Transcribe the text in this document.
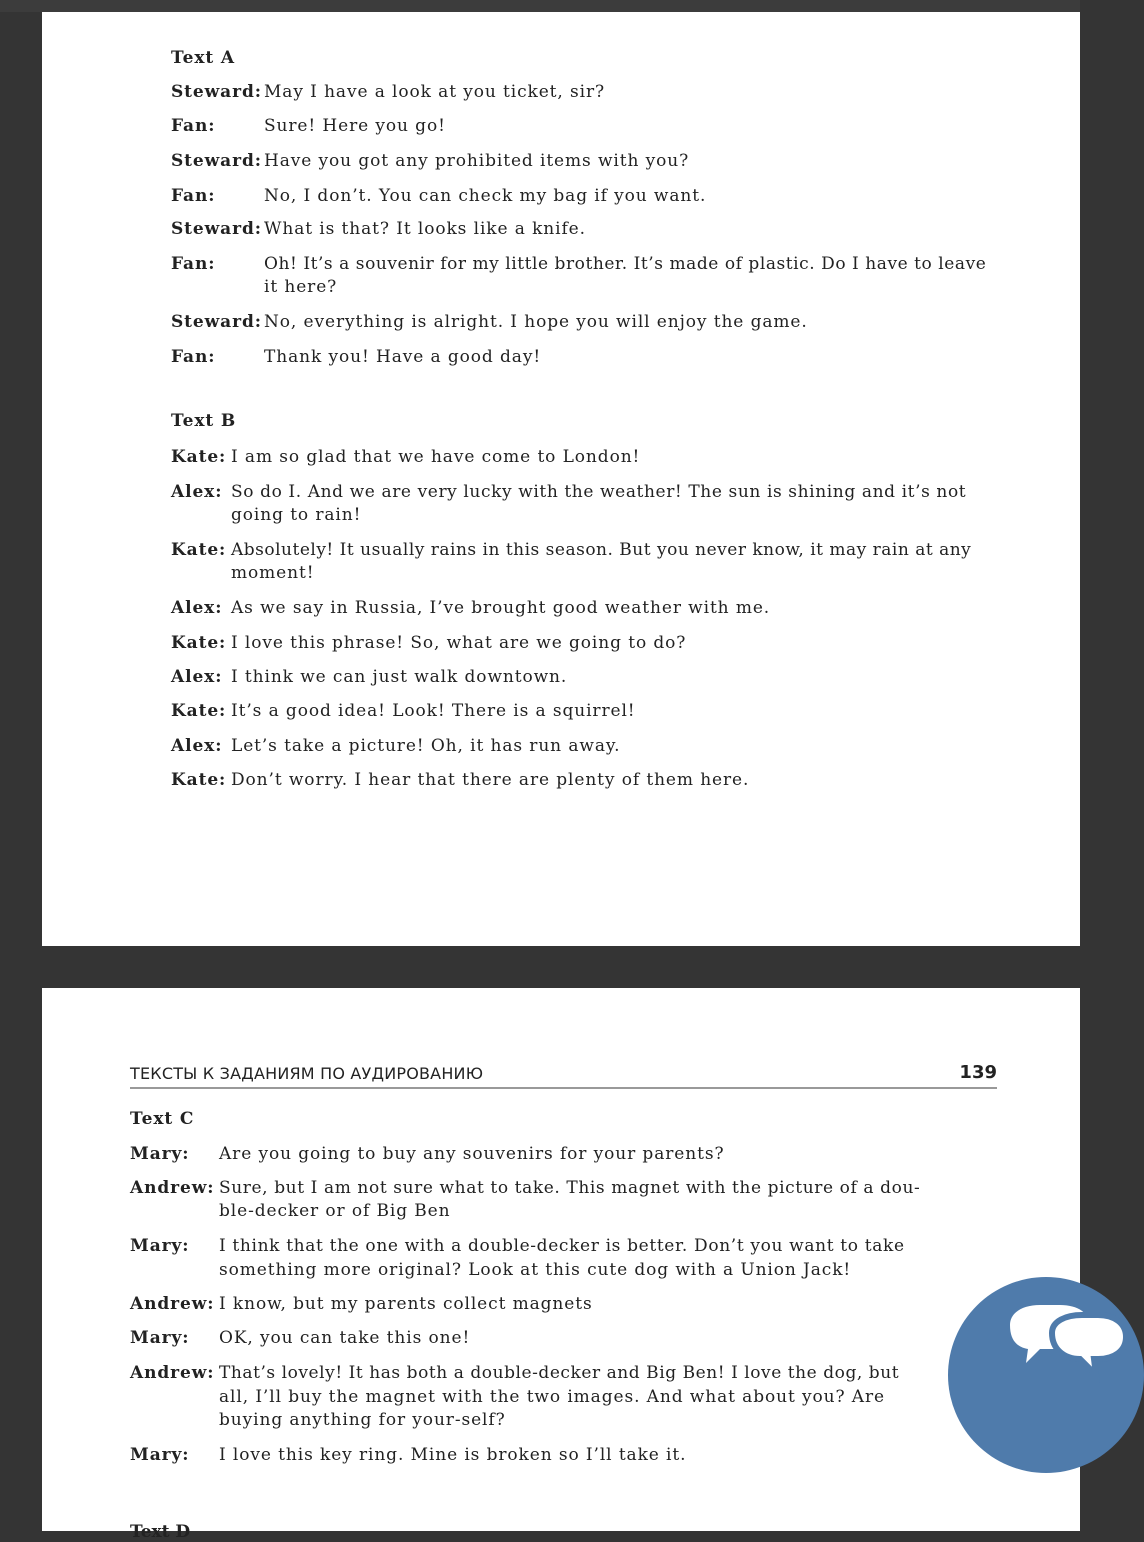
Text A
Steward: May I have a look at you ticket, sir?
Fan:	Sure! Here you go!
Steward: Have you got any prohibited items with you?
Fan:	No, I don’t. You can check my bag if you want.
Steward: What is that? It looks like a knife.
Fan:	Oh! It’s a souvenir for my little brother. It’s made of plastic. Do I have to leave
it here?
Steward: No, everything is alright. I hope you will enjoy the game.
Fan:	Thank you! Have a good day!
Text B
Kate: I am so glad that we have come to London!
Alex: So do I. And we are very lucky with the weather! The sun is shining and it’s not
going to rain!
Kate: Absolutely! It usually rains in this season. But you never know, it may rain at any
moment!
Alex: As we say in Russia, I’ve brought good weather with me.
Kate: I love this phrase! So, what are we going to do?
Alex: I think we can just walk downtown.
Kate: It’s a good idea! Look! There is a squirrel!
Alex: Let’s take a picture! Oh, it has run away.
Kate: Don’t worry. I hear that there are plenty of them here.
ТЕКСТЫ К ЗАДАНИЯМ ПО АУДИРОВАНИЮ	139
Text C
Mary: Are you going to buy any souvenirs for your parents?
Andrew: Sure, but I am not sure what to take. This magnet with the picture of a dou-
ble-decker or of Big Ben
Mary: I think that the one with a double-decker is better. Don’t you want to take
something more original? Look at this cute dog with a Union Jack!
Andrew: I know, but my parents collect magnets
Mary: OK, you can take this one!
Andrew: That’s lovely! It has both a double-decker and Big Ben! I love the dog, but
all, I’ll buy the magnet with the two images. And what about you? Are
buying anything for your-self?
Mary: I love this key ring. Mine is broken so I’ll take it.
Text D
